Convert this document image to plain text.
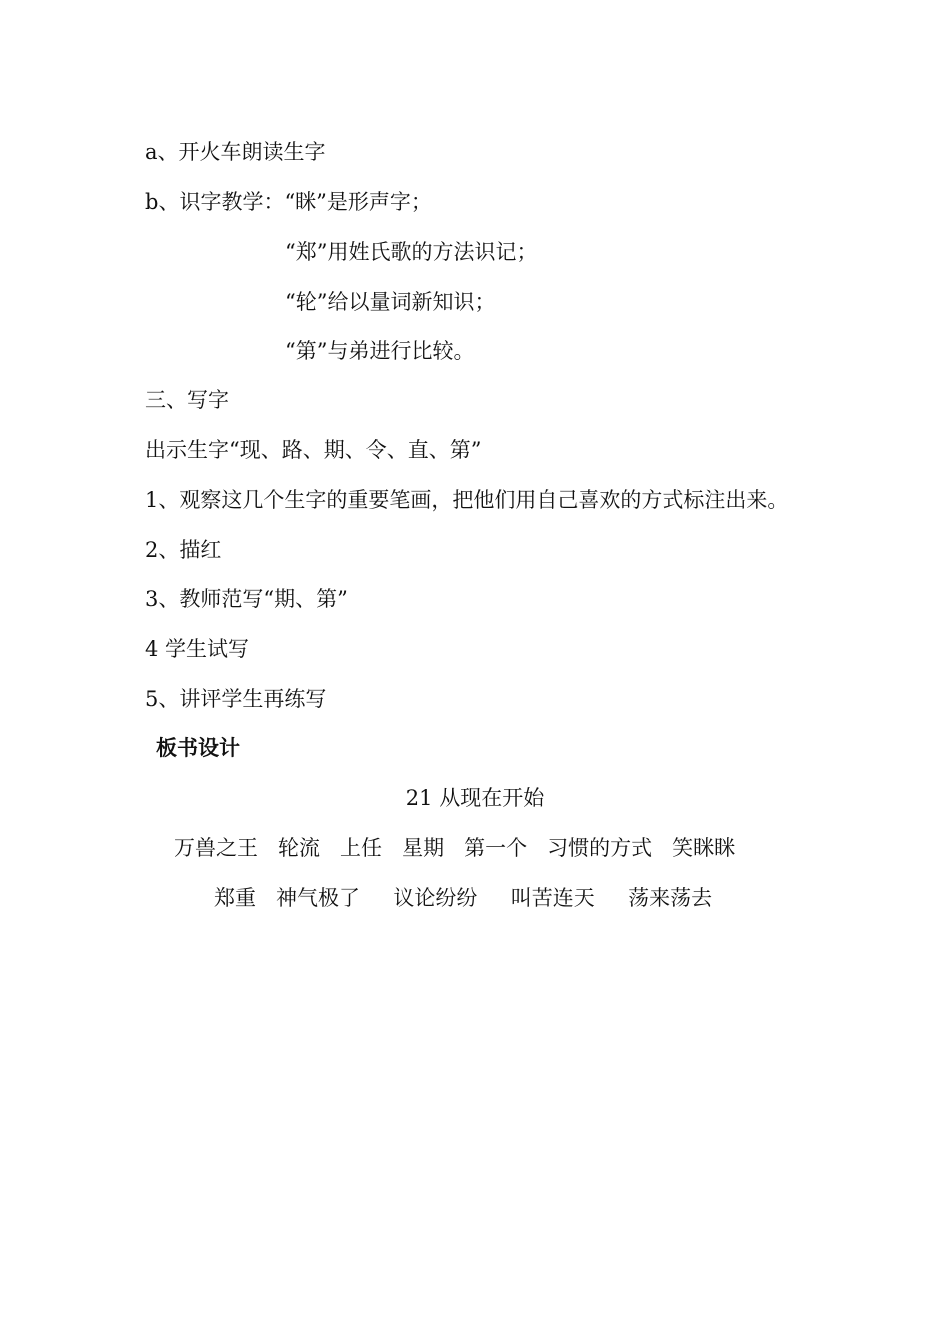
a、开火车朗读生字
b、识字教学：“眯”是形声字；
“郑”用姓氏歌的方法识记；
“轮”给以量词新知识；
“第”与弟进行比较。
三、写字
出示生字“现、路、期、令、直、第”
1、观察这几个生字的重要笔画，把他们用自己喜欢的方式标注出来。
2、描红
3、教师范写“期、第”
4 学生试写
5、讲评学生再练写
板书设计
21 从现在开始
万兽之王   轮流   上任   星期   第一个   习惯的方式   笑眯眯
郑重   神气极了     议论纷纷     叫苦连天     荡来荡去
